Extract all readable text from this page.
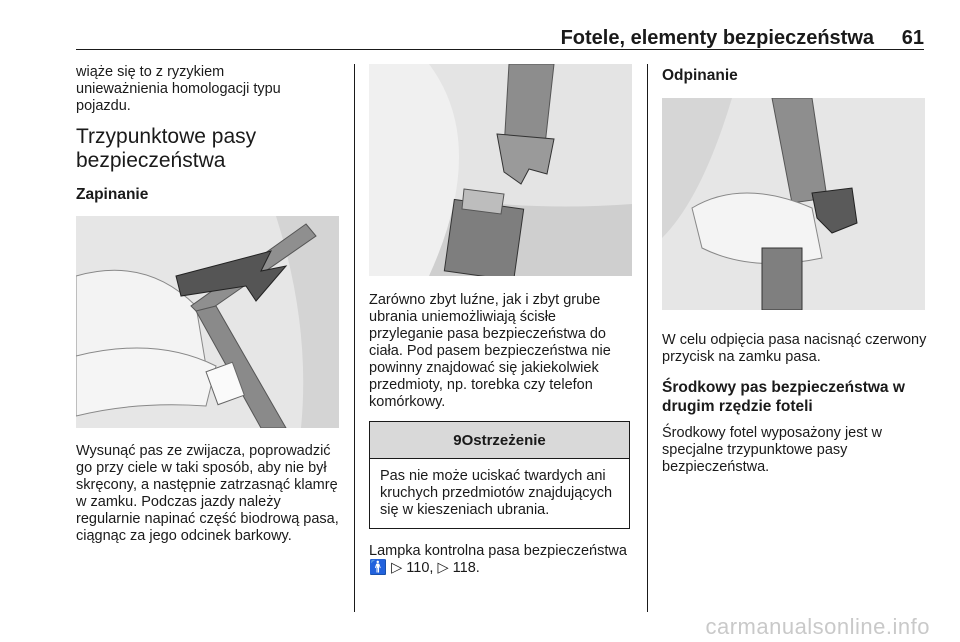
Fotele, elementy bezpieczeństwa 61

wiąże się to z ryzykiem unieważnienia homologacji typu pojazdu.

Trzypunktowe pasy bezpieczeństwa
Zapinanie

Wysunąć pas ze zwijacza, poprowadzić go przy ciele w taki sposób, aby nie był skręcony, a następnie zatrzasnąć klamrę w zamku. Podczas jazdy należy regularnie napinać część biodrową pasa, ciągnąc za jego odcinek barkowy.

Zarówno zbyt luźne, jak i zbyt grube ubrania uniemożliwiają ścisłe przyleganie pasa bezpieczeństwa do ciała. Pod pasem bezpieczeństwa nie powinny znajdować się jakiekolwiek przedmioty, np. torebka czy telefon komórkowy.

9 Ostrzeżenie

Pas nie może uciskać twardych ani kruchych przedmiotów znajdujących się w kieszeniach ubrania.

Lampka kontrolna pasa bezpieczeństwa 🚹 ▷ 110, ▷ 118.

Odpinanie

W celu odpięcia pasa nacisnąć czerwony przycisk na zamku pasa.

Środkowy pas bezpieczeństwa w drugim rzędzie foteli

Środkowy fotel wyposażony jest w specjalne trzypunktowe pasy bezpieczeństwa.

carmanualsonline.info
